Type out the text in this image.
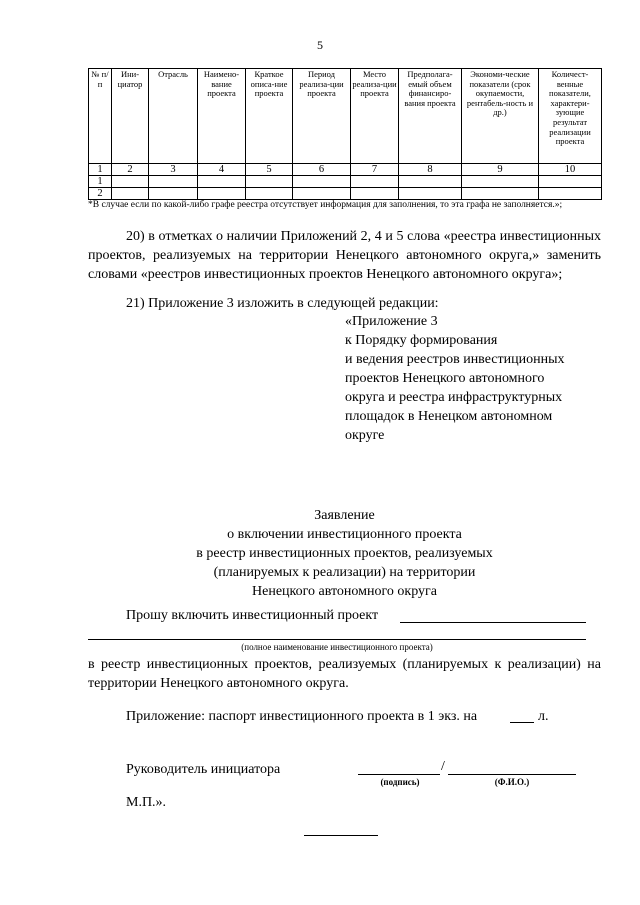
5
№ п/п	Ини-циатор	Отрасль	Наимено-вание проекта	Краткое описа-ние проекта	Период реализа-ции проекта	Место реализа-ции проекта	Предполага-емый объем финансиро-вания проекта	Экономи-ческие показатели (срок окупаемости, рентабель-ность и др.)	Количест-венные показатели, характери-зующие результат реализации проекта
1	2	3	4	5	6	7	8	9	10
1									
2									
*В случае если по какой-либо графе реестра отсутствует информация для заполнения, то эта графа не заполняется.»;
20) в отметках о наличии Приложений 2, 4 и 5 слова «реестра инвестиционных проектов, реализуемых на территории Ненецкого автономного округа,» заменить словами «реестров инвестиционных проектов Ненецкого автономного округа»;
21) Приложение 3 изложить в следующей редакции:
«Приложение 3
к Порядку формирования
и ведения реестров инвестиционных
проектов Ненецкого автономного
округа и реестра инфраструктурных
площадок в Ненецком автономном
округе
Заявление
о включении инвестиционного проекта
в реестр инвестиционных проектов, реализуемых
(планируемых к реализации) на территории
Ненецкого автономного округа
Прошу включить инвестиционный проект
(полное наименование инвестиционного проекта)
в реестр инвестиционных проектов, реализуемых (планируемых к реализации) на территории Ненецкого автономного округа.
Приложение: паспорт инвестиционного проекта в 1 экз. на	л.
Руководитель инициатора	/
(подпись)	(Ф.И.О.)
М.П.».
